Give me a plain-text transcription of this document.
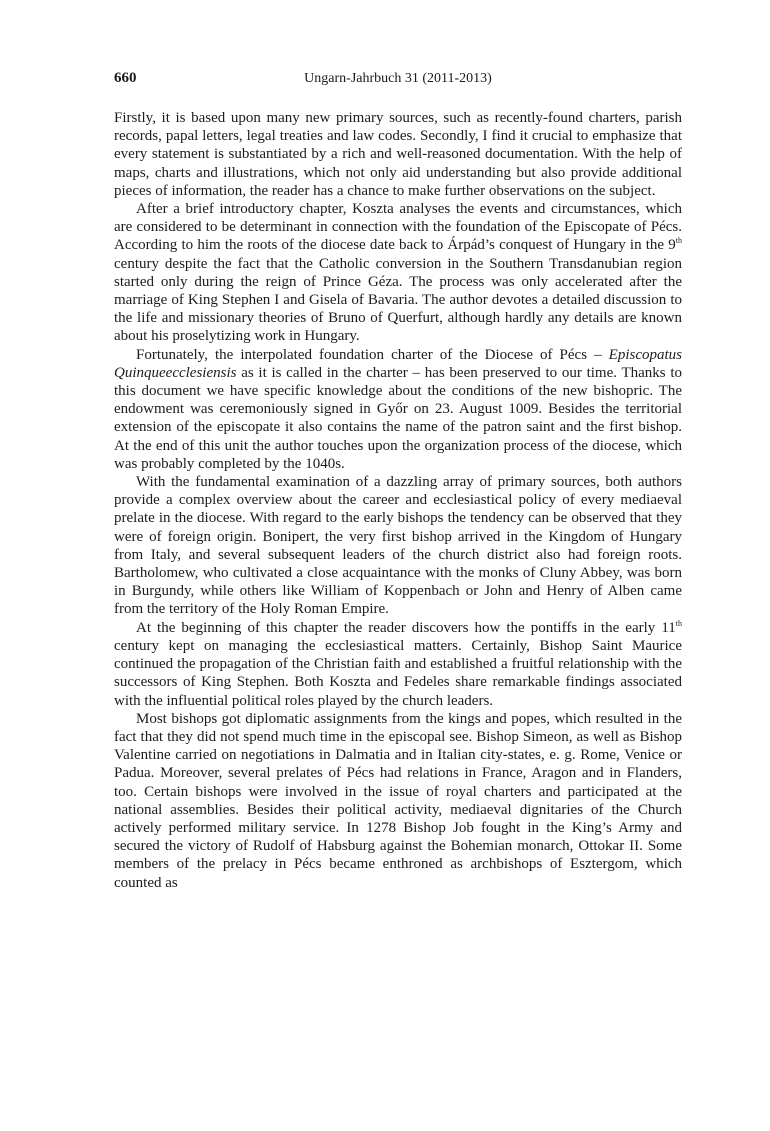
660	Ungarn-Jahrbuch 31 (2011-2013)

Firstly, it is based upon many new primary sources, such as recently-found charters, parish records, papal letters, legal treaties and law codes. Secondly, I find it crucial to emphasize that every statement is substantiated by a rich and well-reasoned documentation. With the help of maps, charts and illustrations, which not only aid understanding but also provide additional pieces of information, the reader has a chance to make further observations on the subject.

After a brief introductory chapter, Koszta analyses the events and circumstances, which are considered to be determinant in connection with the foundation of the Episcopate of Pécs. According to him the roots of the diocese date back to Árpád’s conquest of Hungary in the 9th century despite the fact that the Catholic conversion in the Southern Transdanubian region started only during the reign of Prince Géza. The process was only accelerated after the marriage of King Stephen I and Gisela of Bavaria. The author devotes a detailed discussion to the life and missionary theories of Bruno of Querfurt, although hardly any details are known about his proselytizing work in Hungary.

Fortunately, the interpolated foundation charter of the Diocese of Pécs – Episcopatus Quinqueecclesiensis as it is called in the charter – has been preserved to our time. Thanks to this document we have specific knowledge about the conditions of the new bishopric. The endowment was ceremoniously signed in Győr on 23. August 1009. Besides the territorial extension of the episcopate it also contains the name of the patron saint and the first bishop. At the end of this unit the author touches upon the organization process of the diocese, which was probably completed by the 1040s.

With the fundamental examination of a dazzling array of primary sources, both authors provide a complex overview about the career and ecclesiastical policy of every mediaeval prelate in the diocese. With regard to the early bishops the tendency can be observed that they were of foreign origin. Bonipert, the very first bishop arrived in the Kingdom of Hungary from Italy, and several subsequent leaders of the church district also had foreign roots. Bartholomew, who cultivated a close acquaintance with the monks of Cluny Abbey, was born in Burgundy, while others like William of Koppenbach or John and Henry of Alben came from the territory of the Holy Roman Empire.

At the beginning of this chapter the reader discovers how the pontiffs in the early 11th century kept on managing the ecclesiastical matters. Certainly, Bishop Saint Maurice continued the propagation of the Christian faith and established a fruitful relationship with the successors of King Stephen. Both Koszta and Fedeles share remarkable findings associated with the influential political roles played by the church leaders.

Most bishops got diplomatic assignments from the kings and popes, which resulted in the fact that they did not spend much time in the episcopal see. Bishop Simeon, as well as Bishop Valentine carried on negotiations in Dalmatia and in Italian city-states, e. g. Rome, Venice or Padua. Moreover, several prelates of Pécs had relations in France, Aragon and in Flanders, too. Certain bishops were involved in the issue of royal charters and participated at the national assemblies. Besides their political activity, mediaeval dignitaries of the Church actively performed military service. In 1278 Bishop Job fought in the King’s Army and secured the victory of Rudolf of Habsburg against the Bohemian monarch, Ottokar II. Some members of the prelacy in Pécs became enthroned as archbishops of Esztergom, which counted as
